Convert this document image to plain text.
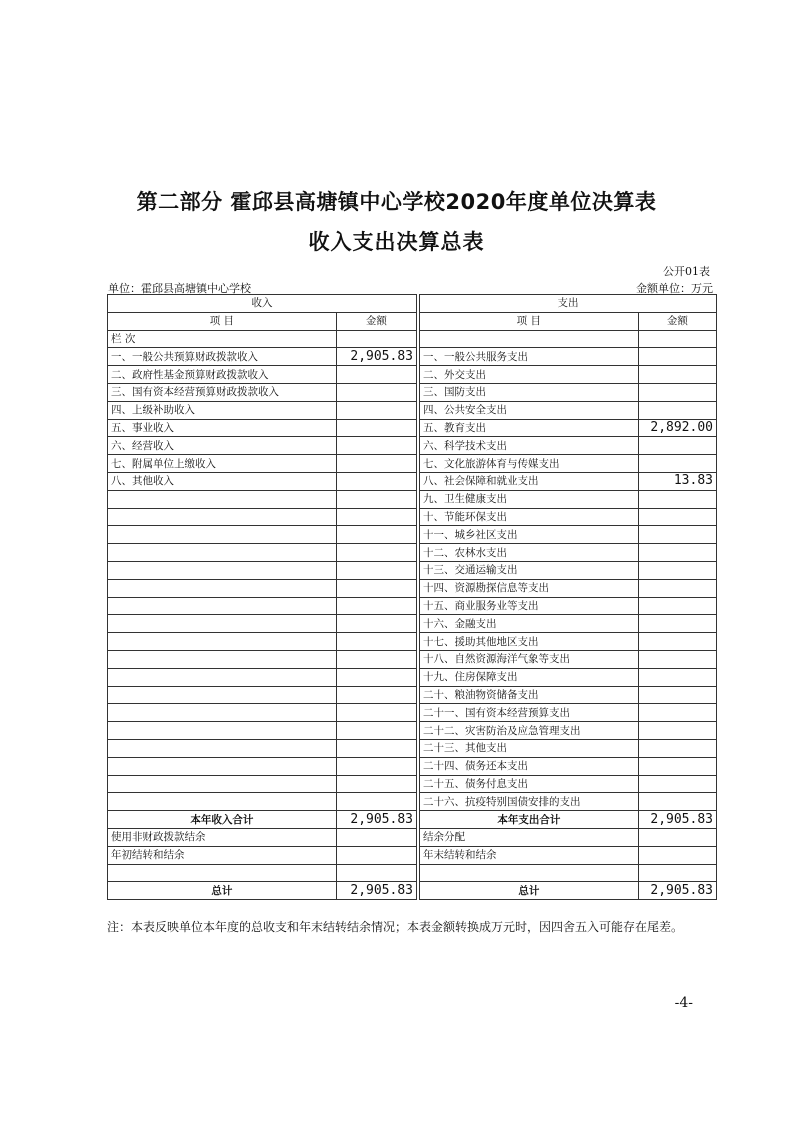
第二部分 霍邱县高塘镇中心学校2020年度单位决算表
收入支出决算总表
公开01表
单位：霍邱县高塘镇中心学校	金额单位：万元
收入			支出	
项 目	金额		项 目	金额
栏 次				
一、一般公共预算财政拨款收入	2,905.83		一、一般公共服务支出	
二、政府性基金预算财政拨款收入			二、外交支出	
三、国有资本经营预算财政拨款收入			三、国防支出	
四、上级补助收入			四、公共安全支出	
五、事业收入			五、教育支出	2,892.00
六、经营收入			六、科学技术支出	
七、附属单位上缴收入			七、文化旅游体育与传媒支出	
八、其他收入			八、社会保障和就业支出	13.83
			九、卫生健康支出	
			十、节能环保支出	
			十一、城乡社区支出	
			十二、农林水支出	
			十三、交通运输支出	
			十四、资源勘探信息等支出	
			十五、商业服务业等支出	
			十六、金融支出	
			十七、援助其他地区支出	
			十八、自然资源海洋气象等支出	
			十九、住房保障支出	
			二十、粮油物资储备支出	
			二十一、国有资本经营预算支出	
			二十二、灾害防治及应急管理支出	
			二十三、其他支出	
			二十四、债务还本支出	
			二十五、债务付息支出	
			二十六、抗疫特别国债安排的支出	
本年收入合计	2,905.83		本年支出合计	2,905.83
使用非财政拨款结余			结余分配	
年初结转和结余			年末结转和结余	

总计	2,905.83		总计	2,905.83
注：本表反映单位本年度的总收支和年末结转结余情况；本表金额转换成万元时，因四舍五入可能存在尾差。
-4-
